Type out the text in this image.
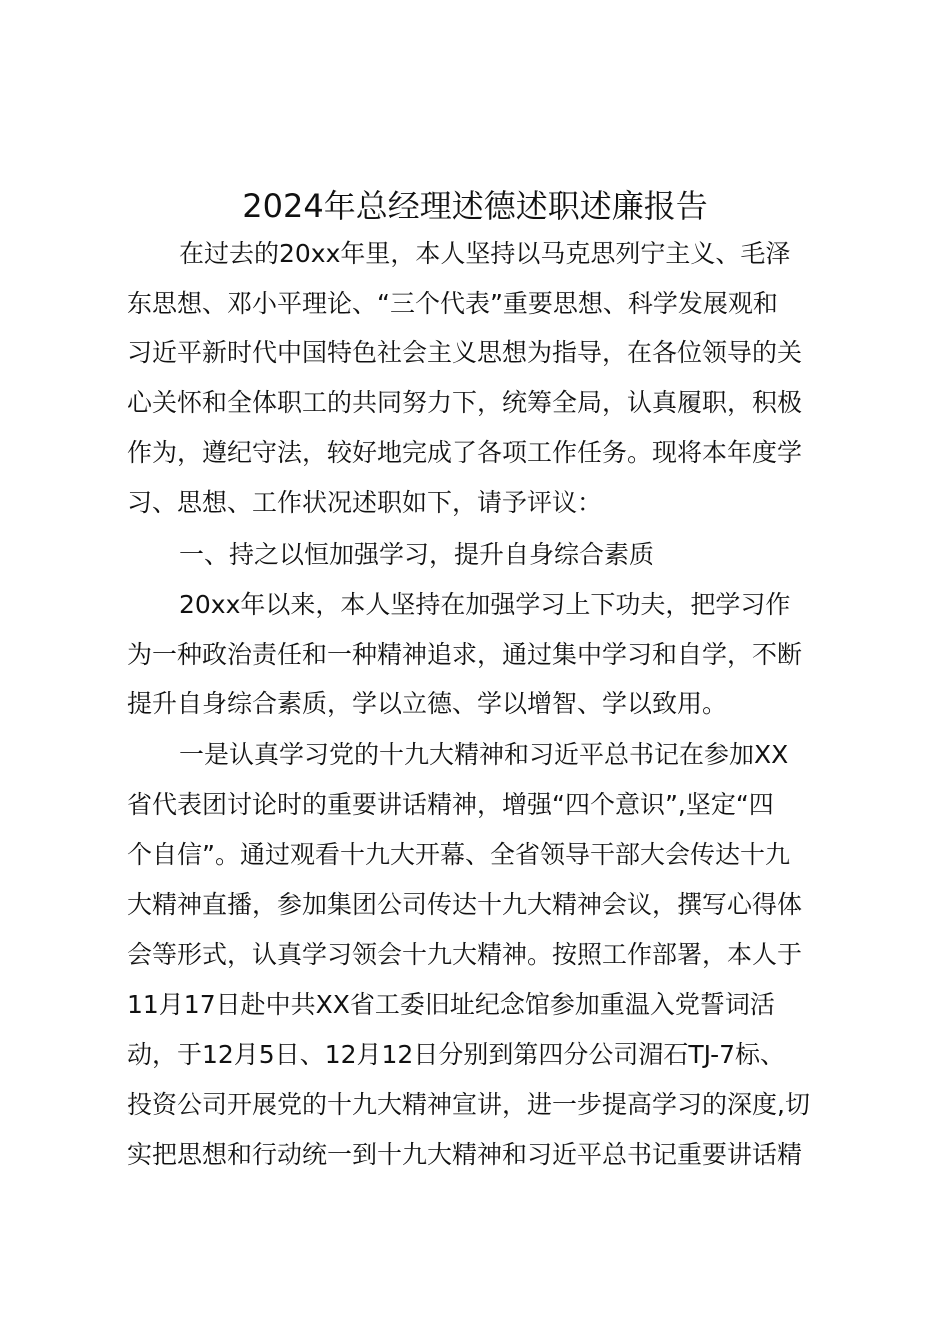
2024年总经理述德述职述廉报告
在过去的20xx年里，本人坚持以马克思列宁主义、毛泽
东思想、邓小平理论、“三个代表”重要思想、科学发展观和
习近平新时代中国特色社会主义思想为指导，在各位领导的关
心关怀和全体职工的共同努力下，统筹全局，认真履职，积极
作为，遵纪守法，较好地完成了各项工作任务。现将本年度学
习、思想、工作状况述职如下，请予评议：
一、持之以恒加强学习，提升自身综合素质
20xx年以来，本人坚持在加强学习上下功夫，把学习作
为一种政治责任和一种精神追求，通过集中学习和自学，不断
提升自身综合素质，学以立德、学以增智、学以致用。
一是认真学习党的十九大精神和习近平总书记在参加XX
省代表团讨论时的重要讲话精神，增强“四个意识”,坚定“四
个自信”。通过观看十九大开幕、全省领导干部大会传达十九
大精神直播，参加集团公司传达十九大精神会议，撰写心得体
会等形式，认真学习领会十九大精神。按照工作部署，本人于
11月17日赴中共XX省工委旧址纪念馆参加重温入党誓词活
动，于12月5日、12月12日分别到第四分公司湄石TJ-7标、
投资公司开展党的十九大精神宣讲，进一步提高学习的深度,切
实把思想和行动统一到十九大精神和习近平总书记重要讲话精
